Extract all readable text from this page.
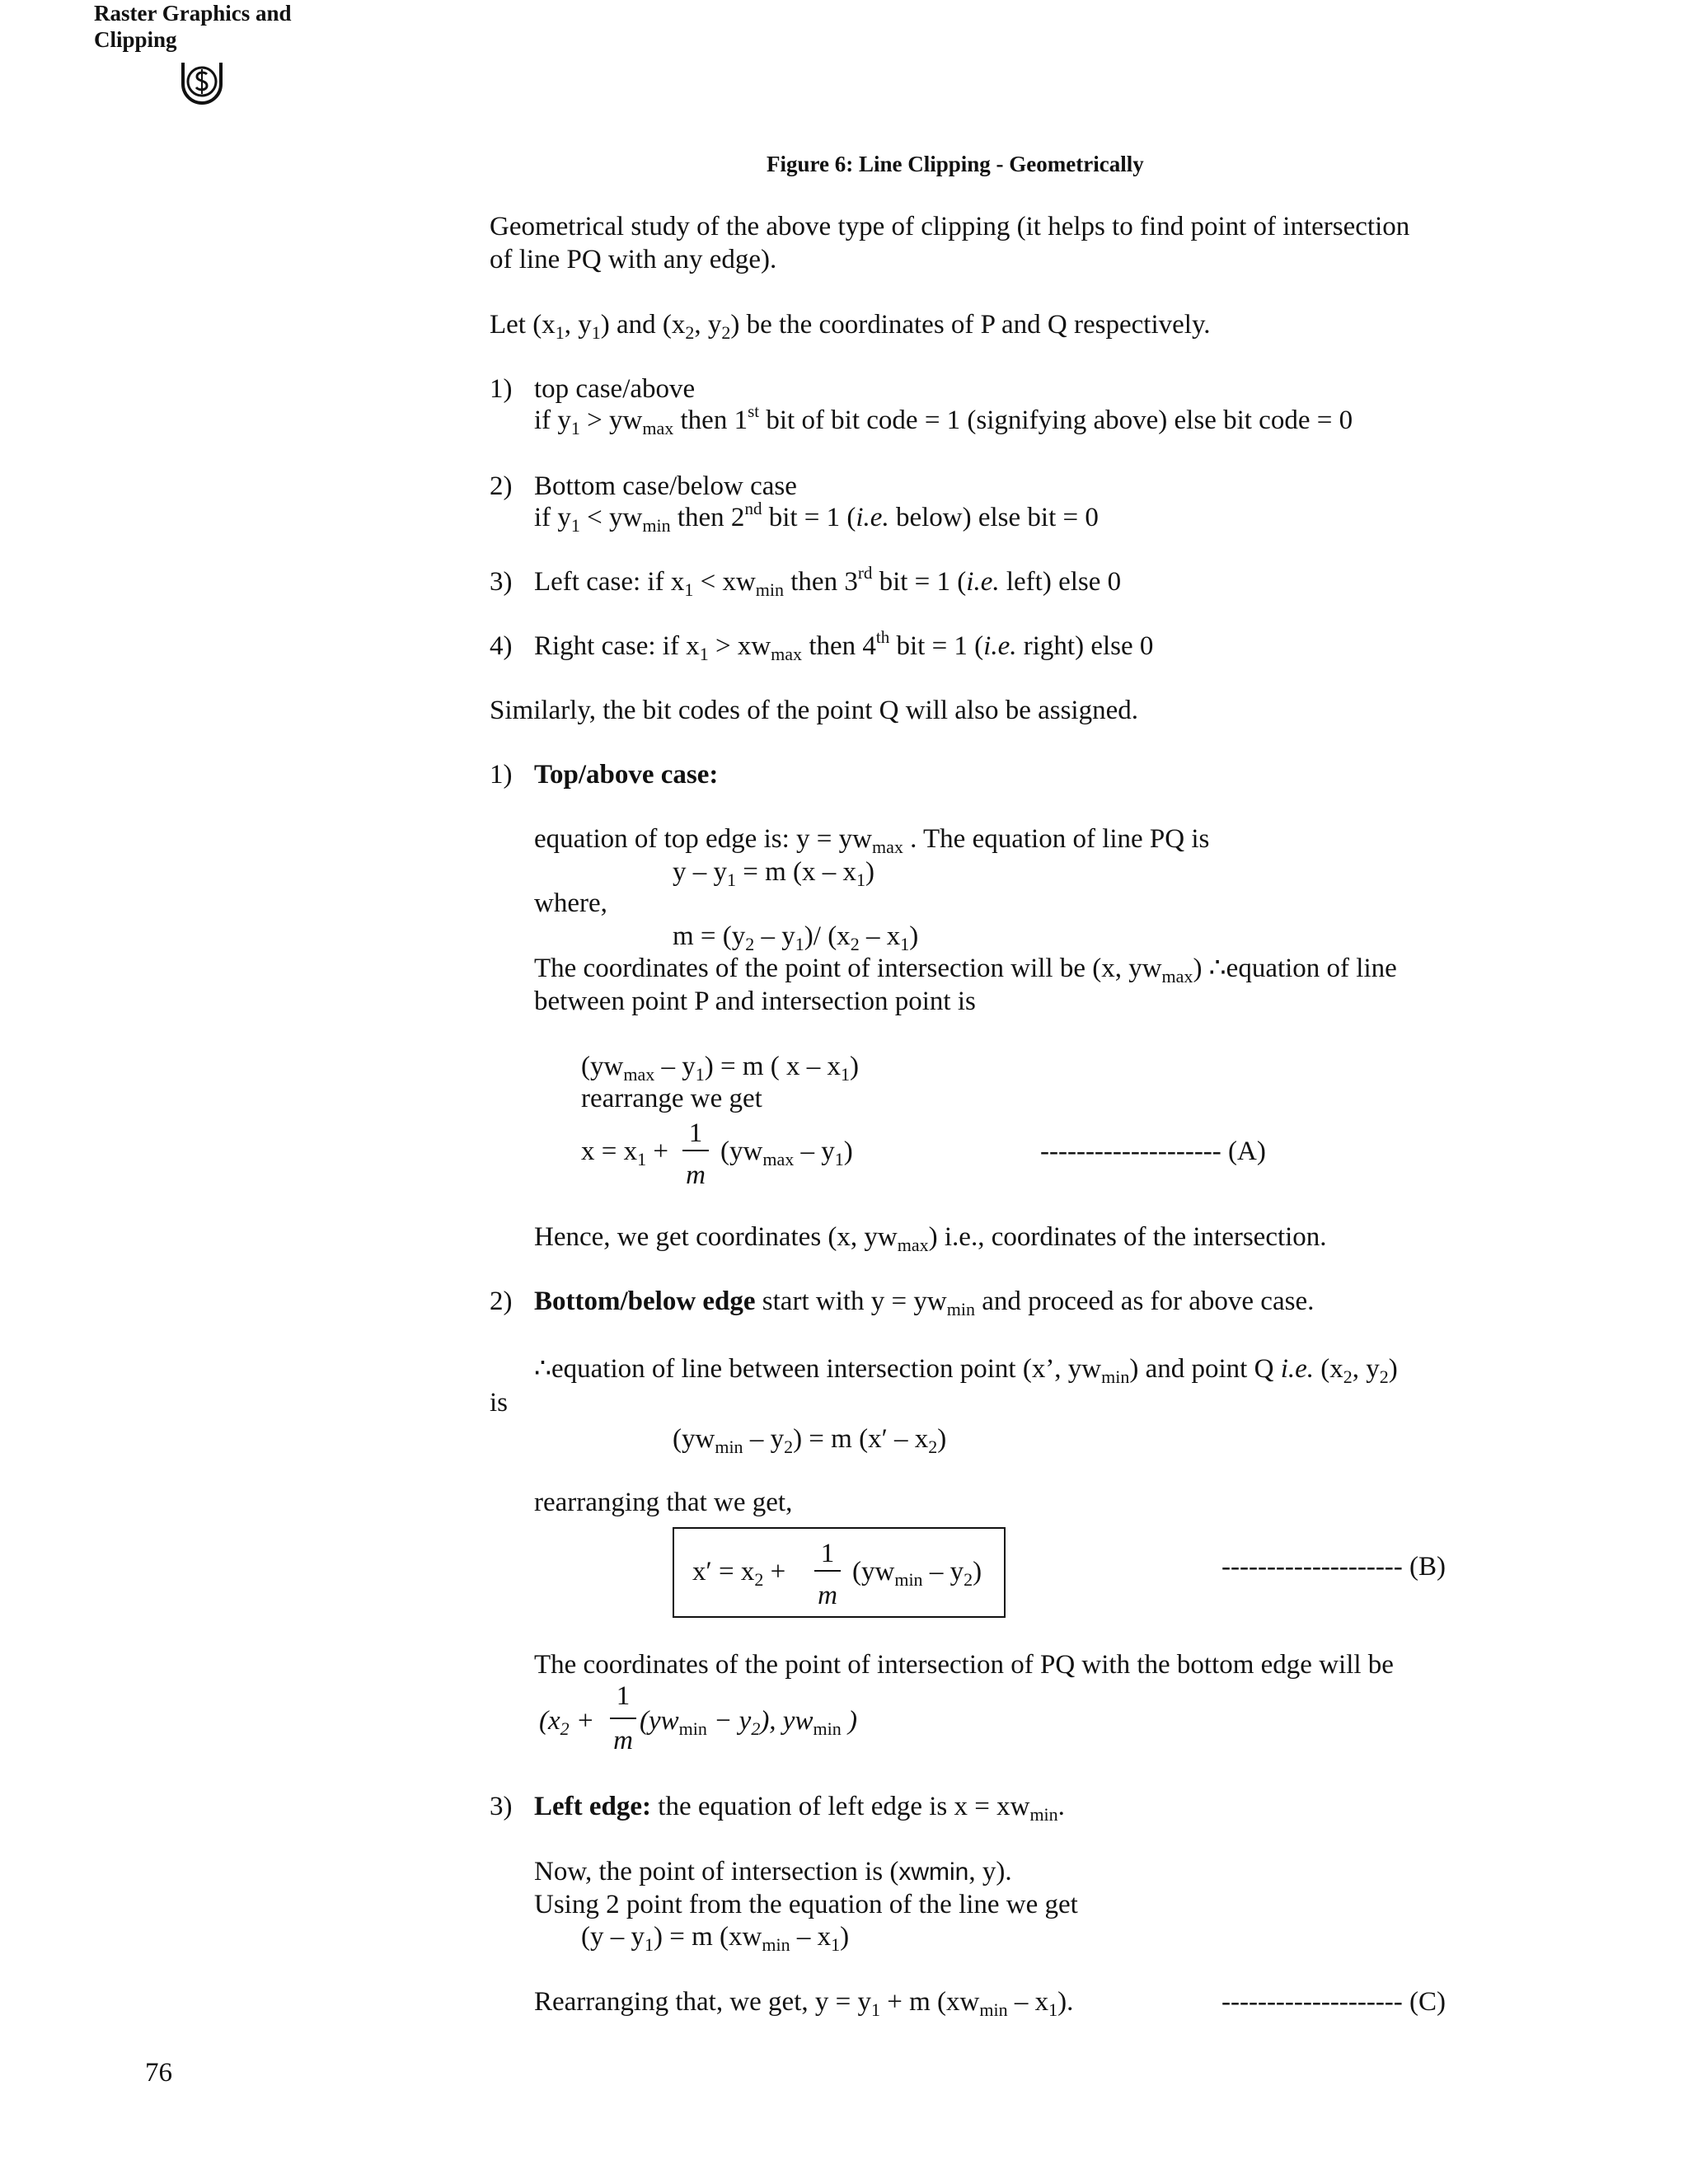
Raster Graphics and
Clipping
Figure 6: Line Clipping - Geometrically
Geometrical study of the above type of clipping (it helps to find point of intersection
of line PQ with any edge).
Let ($x_1$, $y_1$) and ($x_2$, $y_2$) be the coordinates of P and Q respectively.
1) top case/above
if $y_1 > yw_{max}$ then 1st bit of bit code = 1 (signifying above) else bit code = 0
2) Bottom case/below case
if $y_1 < yw_{min}$ then 2nd bit = 1 (i.e. below) else bit = 0
3) Left case: if $x_1 < xw_{min}$ then 3rd bit = 1 (i.e. left) else 0
4) Right case: if $x_1 > xw_{max}$ then 4th bit = 1 (i.e. right) else 0
Similarly, the bit codes of the point Q will also be assigned.
1) Top/above case:
equation of top edge is: $y = yw_{max}$ . The equation of line PQ is
$y - y_1 = m$ $(x - x_1)$
where,
$m = (y_2 - y_1)/$ $(x_2 - x_1)$
The coordinates of the point of intersection will be (x, $yw_{max}$) ∴equation of line
between point P and intersection point is
$(yw_{max} - y_1) = m$ ( x – $x_1$)
rearrange we get
$x = x_1$ +
1
m
$(yw_{max} - y_1)$	-------------------- (A)
Hence, we get coordinates (x, $yw_{max}$) i.e., coordinates of the intersection.
2) Bottom/below edge start with $y = yw_{min}$ and proceed as for above case.
∴equation of line between intersection point (x’, $yw_{min}$) and point Q i.e. ($x_2$, $y_2$)
is
$(yw_{min} - y_2) = m$ $(x' - x_2)$
rearranging that we get,
$x' = x_2$ +
1
m
$(yw_{min} - y_2)$	-------------------- (B)
The coordinates of the point of intersection of PQ with the bottom edge will be
($x_2$ +
1
m
$(yw_{min} - y_2)$, $yw_{min}$ )
3) Left edge: the equation of left edge is $x = xw_{min}$.
Now, the point of intersection is (xwmin, y).
Using 2 point from the equation of the line we get
$(y - y_1) = m$ $(xw_{min} - x_1)$
Rearranging that, we get, $y = y_1 + m$ $(xw_{min} - x_1)$.	-------------------- (C)
76
